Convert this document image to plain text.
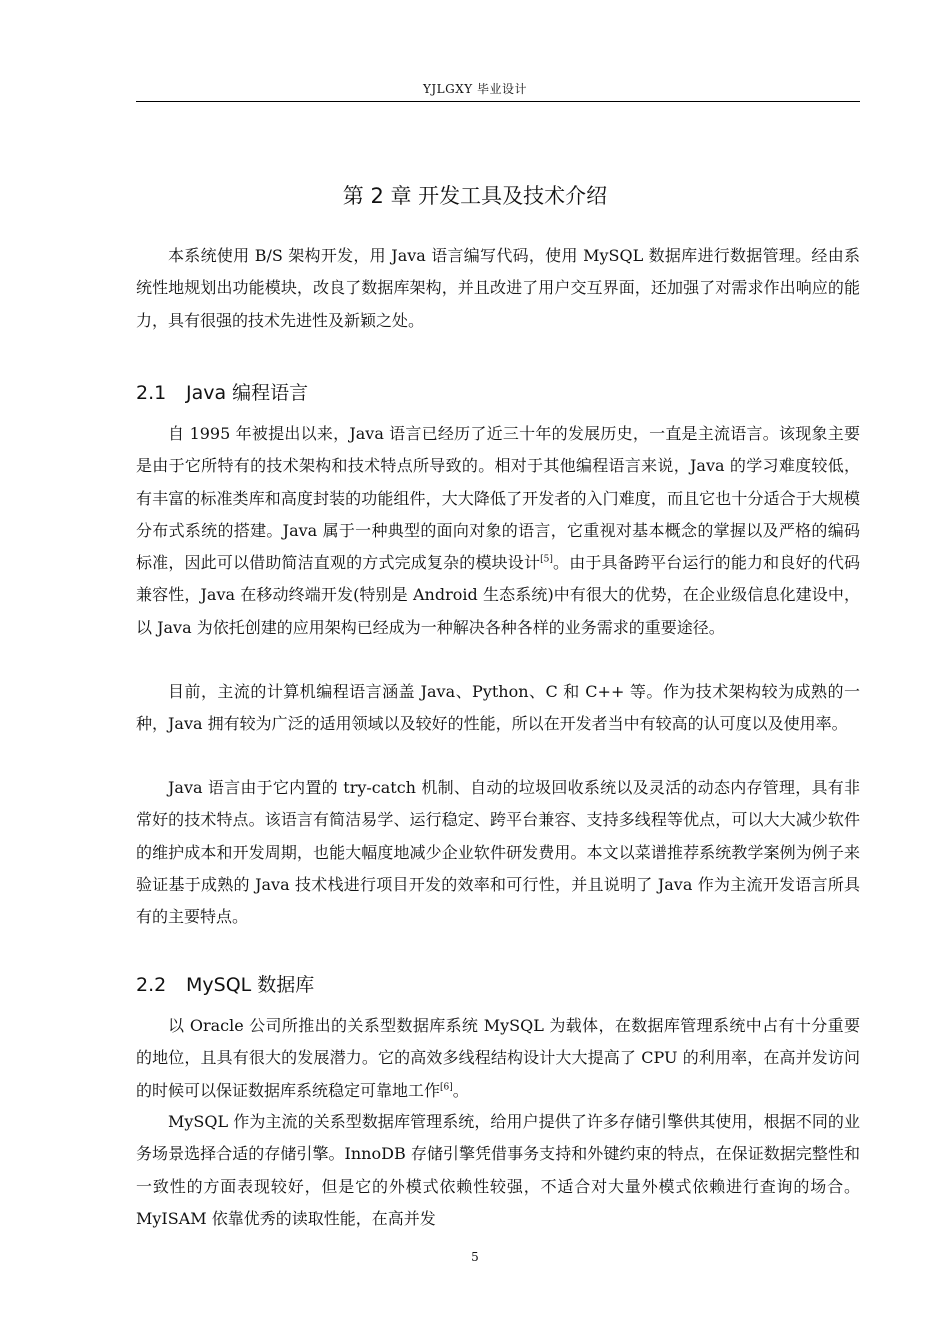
YJLGXY 毕业设计
第 2 章 开发工具及技术介绍

本系统使用 B/S 架构开发，用 Java 语言编写代码，使用 MySQL 数据库进行数据管理。经由系统性地规划出功能模块，改良了数据库架构，并且改进了用户交互界面，还加强了对需求作出响应的能力，具有很强的技术先进性及新颖之处。

2.1 Java 编程语言

自 1995 年被提出以来，Java 语言已经历了近三十年的发展历史，一直是主流语言。该现象主要是由于它所特有的技术架构和技术特点所导致的。相对于其他编程语言来说，Java 的学习难度较低，有丰富的标准类库和高度封装的功能组件，大大降低了开发者的入门难度，而且它也十分适合于大规模分布式系统的搭建。Java 属于一种典型的面向对象的语言，它重视对基本概念的掌握以及严格的编码标准，因此可以借助简洁直观的方式完成复杂的模块设计[5]。由于具备跨平台运行的能力和良好的代码兼容性，Java 在移动终端开发(特别是 Android 生态系统)中有很大的优势，在企业级信息化建设中，以 Java 为依托创建的应用架构已经成为一种解决各种各样的业务需求的重要途径。

目前，主流的计算机编程语言涵盖 Java、Python、C 和 C++ 等。作为技术架构较为成熟的一种，Java 拥有较为广泛的适用领域以及较好的性能，所以在开发者当中有较高的认可度以及使用率。

Java 语言由于它内置的 try-catch 机制、自动的垃圾回收系统以及灵活的动态内存管理，具有非常好的技术特点。该语言有简洁易学、运行稳定、跨平台兼容、支持多线程等优点，可以大大减少软件的维护成本和开发周期，也能大幅度地减少企业软件研发费用。本文以菜谱推荐系统教学案例为例子来验证基于成熟的 Java 技术栈进行项目开发的效率和可行性，并且说明了 Java 作为主流开发语言所具有的主要特点。

2.2 MySQL 数据库

以 Oracle 公司所推出的关系型数据库系统 MySQL 为载体，在数据库管理系统中占有十分重要的地位，且具有很大的发展潜力。它的高效多线程结构设计大大提高了 CPU 的利用率，在高并发访问的时候可以保证数据库系统稳定可靠地工作[6]。

MySQL 作为主流的关系型数据库管理系统，给用户提供了许多存储引擎供其使用，根据不同的业务场景选择合适的存储引擎。InnoDB 存储引擎凭借事务支持和外键约束的特点，在保证数据完整性和一致性的方面表现较好，但是它的外模式依赖性较强，不适合对大量外模式依赖进行查询的场合。MyISAM 依靠优秀的读取性能，在高并发

5
